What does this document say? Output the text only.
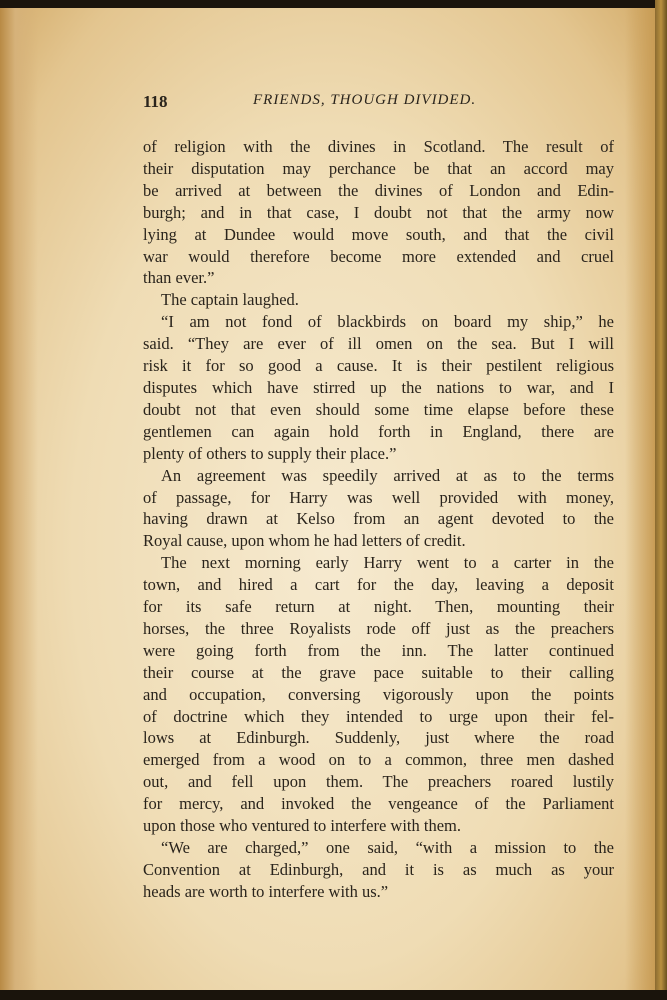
118	FRIENDS, THOUGH DIVIDED.
of religion with the divines in Scotland. The result of
their disputation may perchance be that an accord may
be arrived at between the divines of London and Edin-
burgh; and in that case, I doubt not that the army now
lying at Dundee would move south, and that the civil
war would therefore become more extended and cruel
than ever.”
The captain laughed.
“I am not fond of blackbirds on board my ship,” he
said. “They are ever of ill omen on the sea. But I will
risk it for so good a cause. It is their pestilent religious
disputes which have stirred up the nations to war, and I
doubt not that even should some time elapse before these
gentlemen can again hold forth in England, there are
plenty of others to supply their place.”
An agreement was speedily arrived at as to the terms
of passage, for Harry was well provided with money,
having drawn at Kelso from an agent devoted to the
Royal cause, upon whom he had letters of credit.
The next morning early Harry went to a carter in the
town, and hired a cart for the day, leaving a deposit
for its safe return at night. Then, mounting their
horses, the three Royalists rode off just as the preachers
were going forth from the inn. The latter continued
their course at the grave pace suitable to their calling
and occupation, conversing vigorously upon the points
of doctrine which they intended to urge upon their fel-
lows at Edinburgh. Suddenly, just where the road
emerged from a wood on to a common, three men dashed
out, and fell upon them. The preachers roared lustily
for mercy, and invoked the vengeance of the Parliament
upon those who ventured to interfere with them.
“We are charged,” one said, “with a mission to the
Convention at Edinburgh, and it is as much as your
heads are worth to interfere with us.”
